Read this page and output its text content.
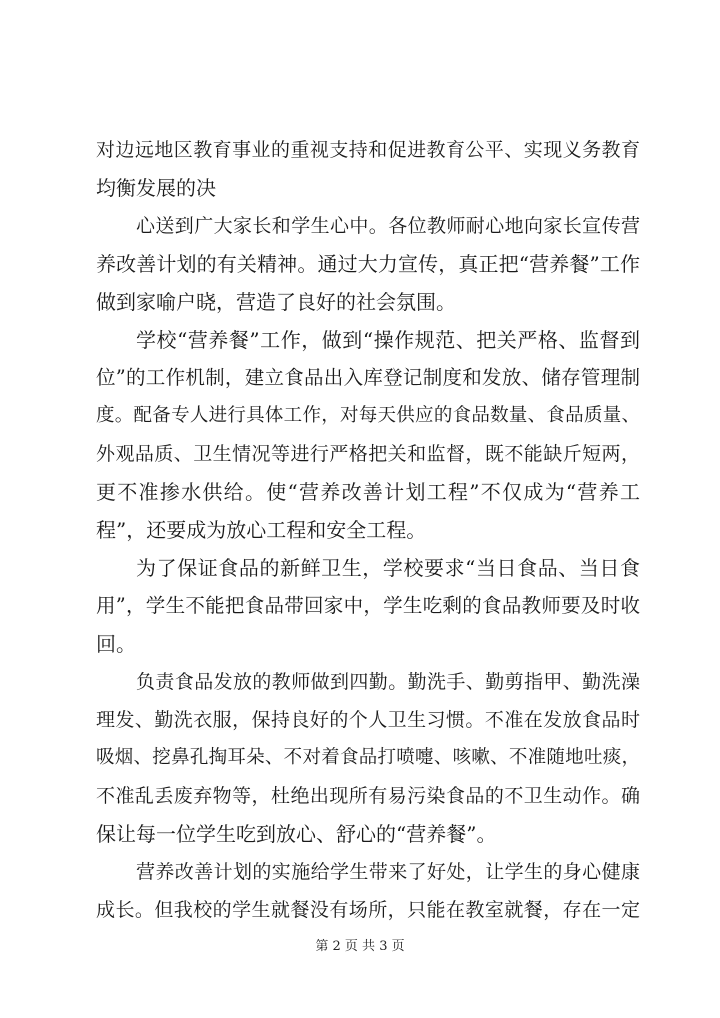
对边远地区教育事业的重视支持和促进教育公平、实现义务教育
均衡发展的决
心送到广大家长和学生心中。各位教师耐心地向家长宣传营
养改善计划的有关精神。通过大力宣传，真正把“营养餐”工作
做到家喻户晓，营造了良好的社会氛围。
学校“营养餐”工作，做到“操作规范、把关严格、监督到
位”的工作机制，建立食品出入库登记制度和发放、储存管理制
度。配备专人进行具体工作，对每天供应的食品数量、食品质量、
外观品质、卫生情况等进行严格把关和监督，既不能缺斤短两，
更不准掺水供给。使“营养改善计划工程”不仅成为“营养工
程”，还要成为放心工程和安全工程。
为了保证食品的新鲜卫生，学校要求“当日食品、当日食
用”，学生不能把食品带回家中，学生吃剩的食品教师要及时收
回。
负责食品发放的教师做到四勤。勤洗手、勤剪指甲、勤洗澡
理发、勤洗衣服，保持良好的个人卫生习惯。不准在发放食品时
吸烟、挖鼻孔掏耳朵、不对着食品打喷嚏、咳嗽、不准随地吐痰，
不准乱丢废弃物等，杜绝出现所有易污染食品的不卫生动作。确
保让每一位学生吃到放心、舒心的“营养餐”。
营养改善计划的实施给学生带来了好处，让学生的身心健康
成长。但我校的学生就餐没有场所，只能在教室就餐，存在一定
第 2 页 共 3 页
